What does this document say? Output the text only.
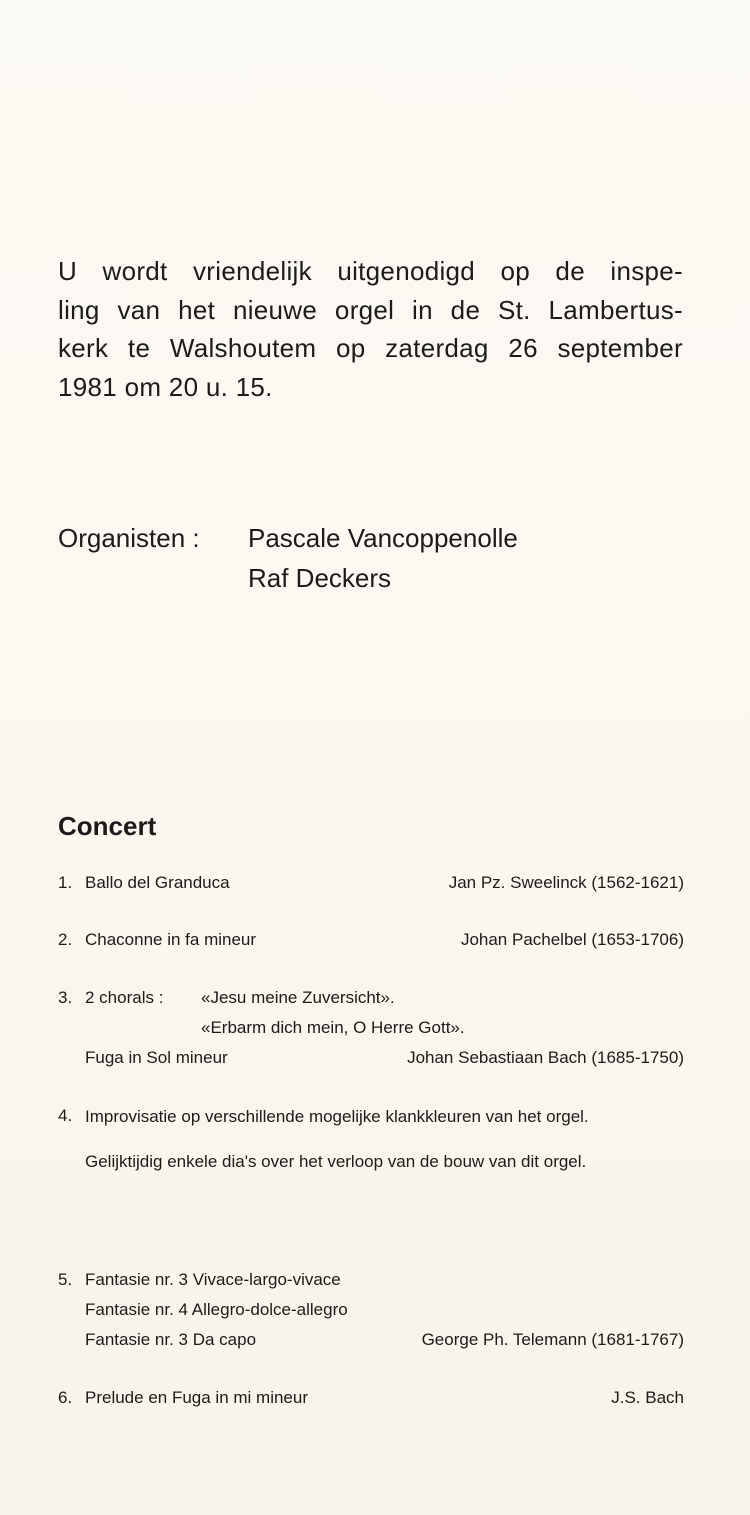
U wordt vriendelijk uitgenodigd op de inspe-
ling van het nieuwe orgel in de St. Lambertus-
kerk te Walshoutem op zaterdag 26 september
1981 om 20 u. 15.
Organisten : Pascale Vancoppenolle
Raf Deckers
Concert
1. Ballo del Granduca	Jan Pz. Sweelinck (1562-1621)
2. Chaconne in fa mineur	Johan Pachelbel (1653-1706)
3. 2 chorals : «Jesu meine Zuversicht».
«Erbarm dich mein, O Herre Gott».
Fuga in Sol mineur	Johan Sebastiaan Bach (1685-1750)
4. Improvisatie op verschillende mogelijke klankkleuren van het orgel.
Gelijktijdig enkele dia's over het verloop van de bouw van dit orgel.
5. Fantasie nr. 3 Vivace-largo-vivace
Fantasie nr. 4 Allegro-dolce-allegro
Fantasie nr. 3 Da capo	George Ph. Telemann (1681-1767)
6. Prelude en Fuga in mi mineur	J.S. Bach
